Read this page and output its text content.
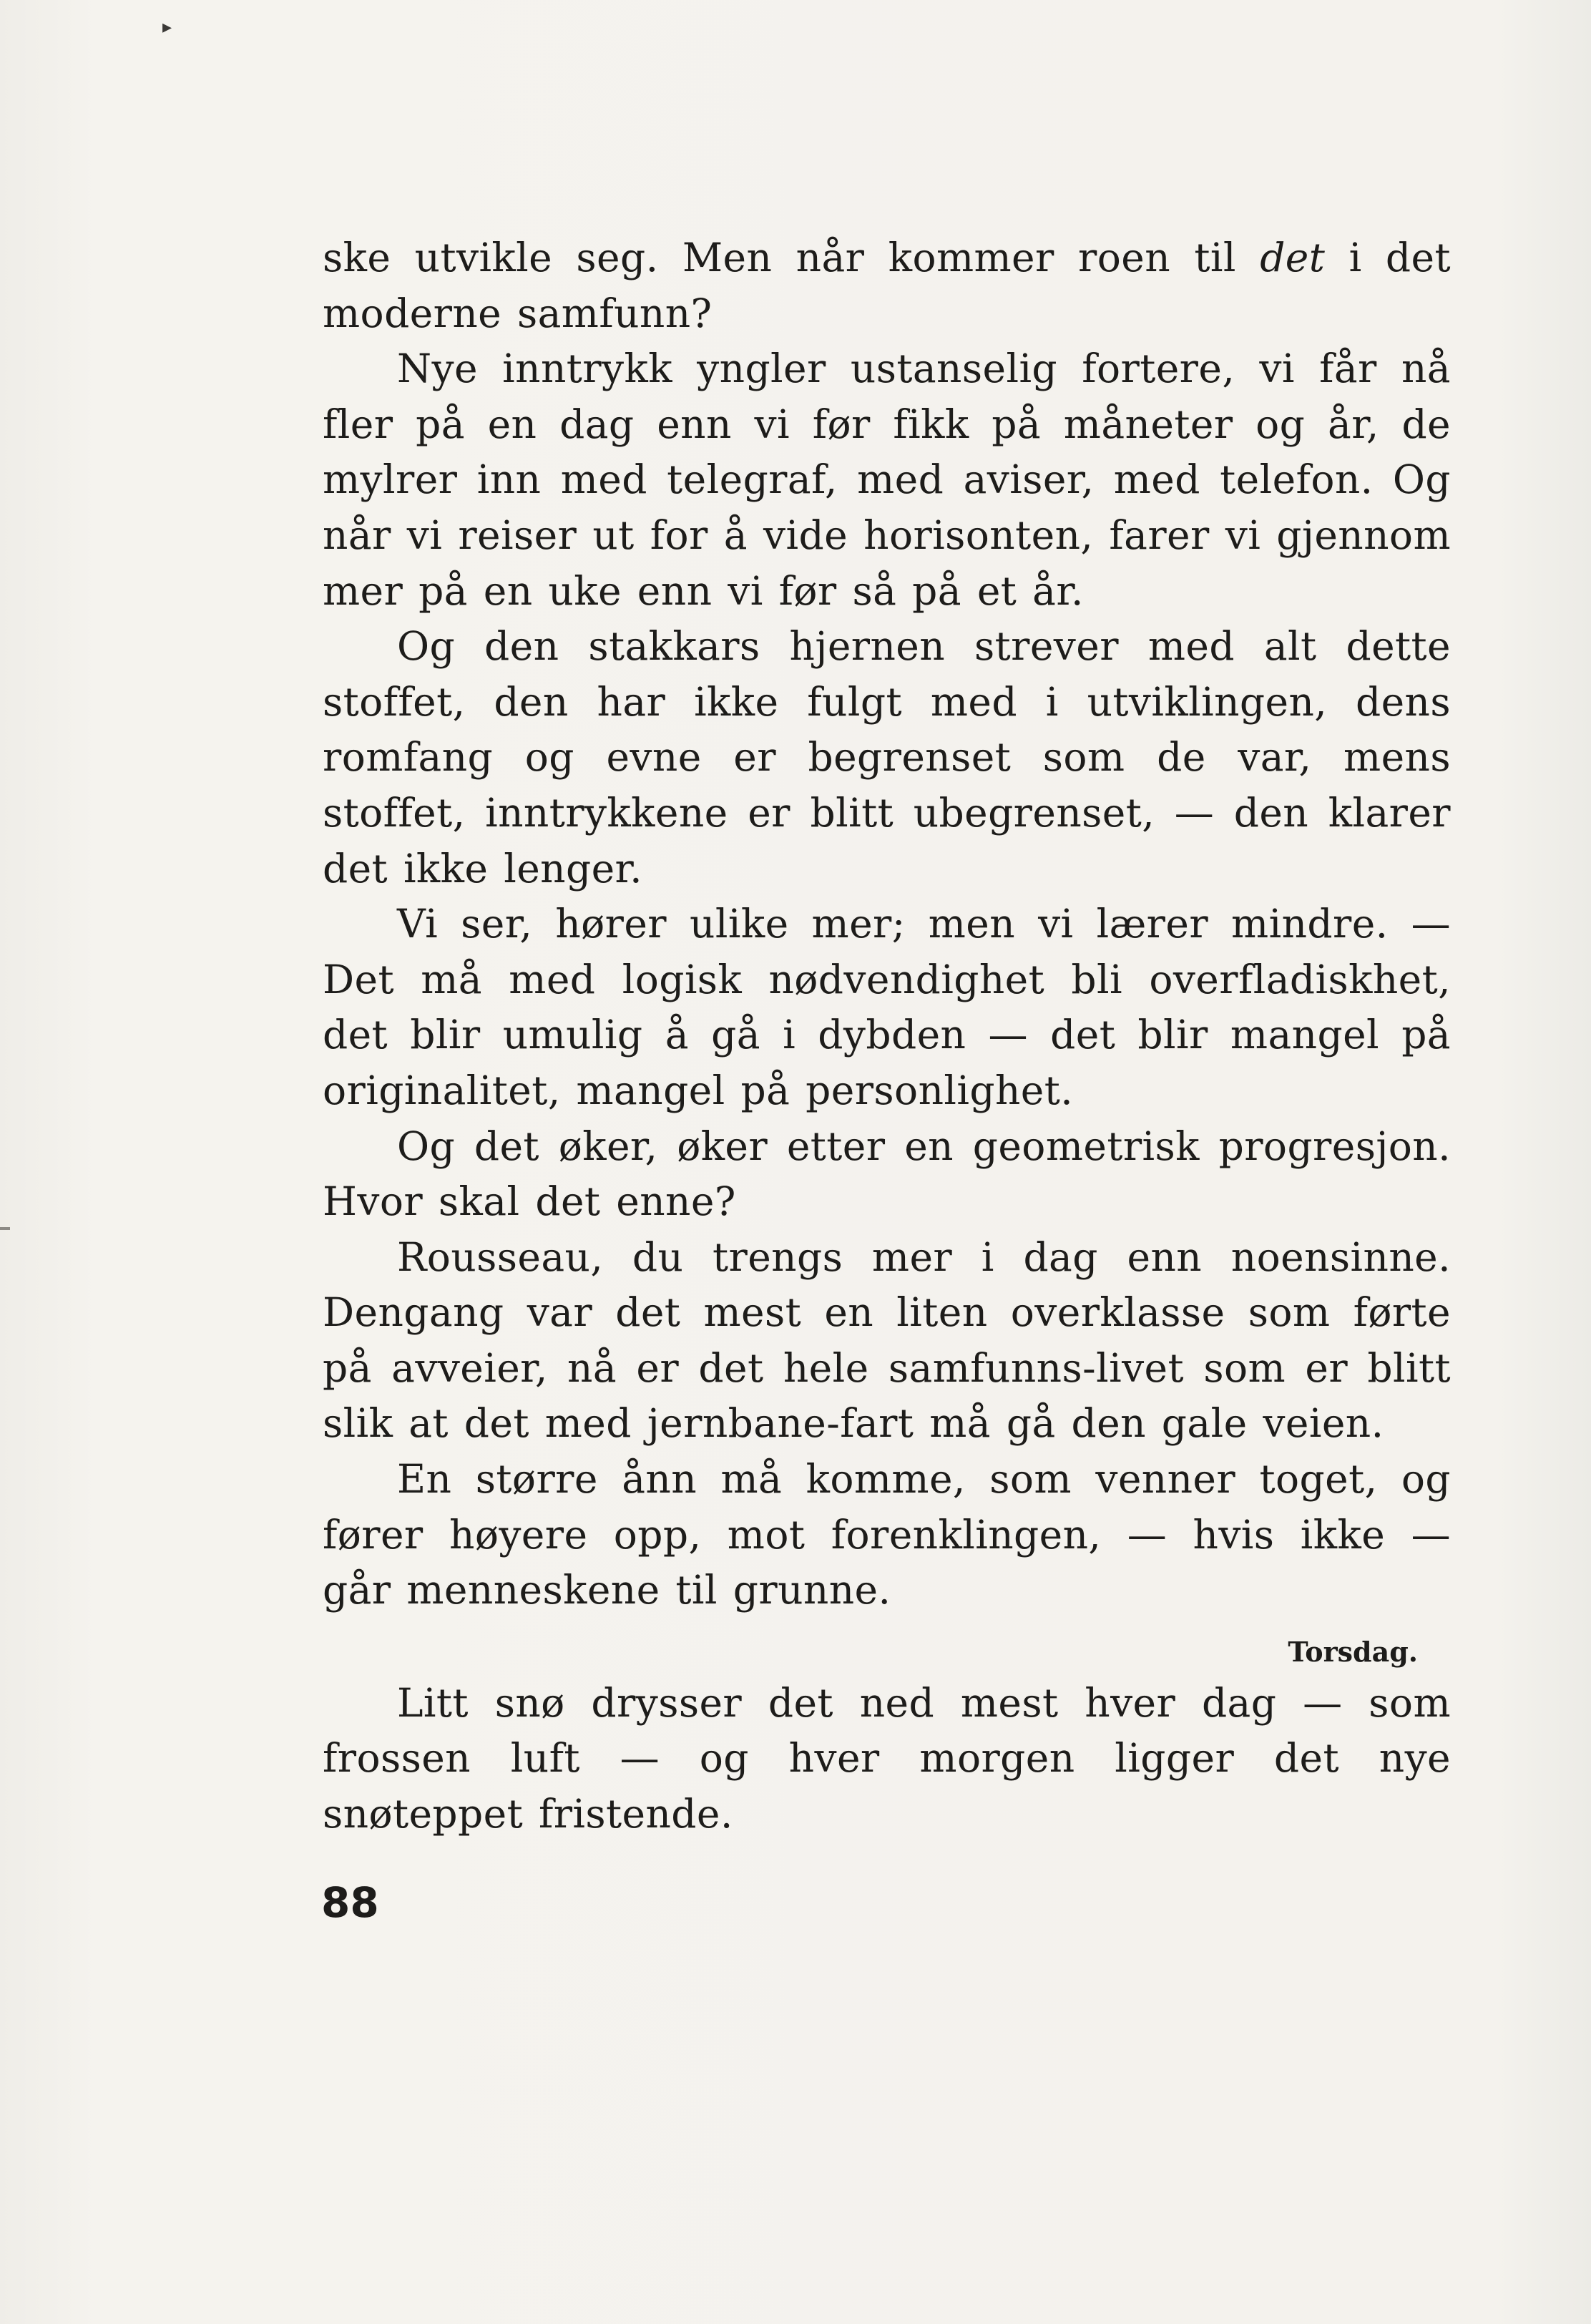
▸

ske utvikle seg. Men når kommer roen til det i det moderne samfunn?

Nye inntrykk yngler ustanselig fortere, vi får nå fler på en dag enn vi før fikk på måneter og år, de mylrer inn med telegraf, med aviser, med telefon. Og når vi reiser ut for å vide horisonten, farer vi gjennom mer på en uke enn vi før så på et år.

Og den stakkars hjernen strever med alt dette stoffet, den har ikke fulgt med i utviklingen, dens romfang og evne er begrenset som de var, mens stoffet, inntrykkene er blitt ubegrenset, — den klarer det ikke lenger.

Vi ser, hører ulike mer; men vi lærer mindre. — Det må med logisk nødvendighet bli overfladiskhet, det blir umulig å gå i dybden — det blir mangel på originalitet, mangel på personlighet.

Og det øker, øker etter en geometrisk progresjon. Hvor skal det enne?

Rousseau, du trengs mer i dag enn noensinne. Dengang var det mest en liten overklasse som førte på avveier, nå er det hele samfunns-livet som er blitt slik at det med jernbane-fart må gå den gale veien.

En større ånn må komme, som venner toget, og fører høyere opp, mot forenklingen, — hvis ikke — går menneskene til grunne.

Torsdag.

Litt snø drysser det ned mest hver dag — som frossen luft — og hver morgen ligger det nye snøteppet fristende.

88
